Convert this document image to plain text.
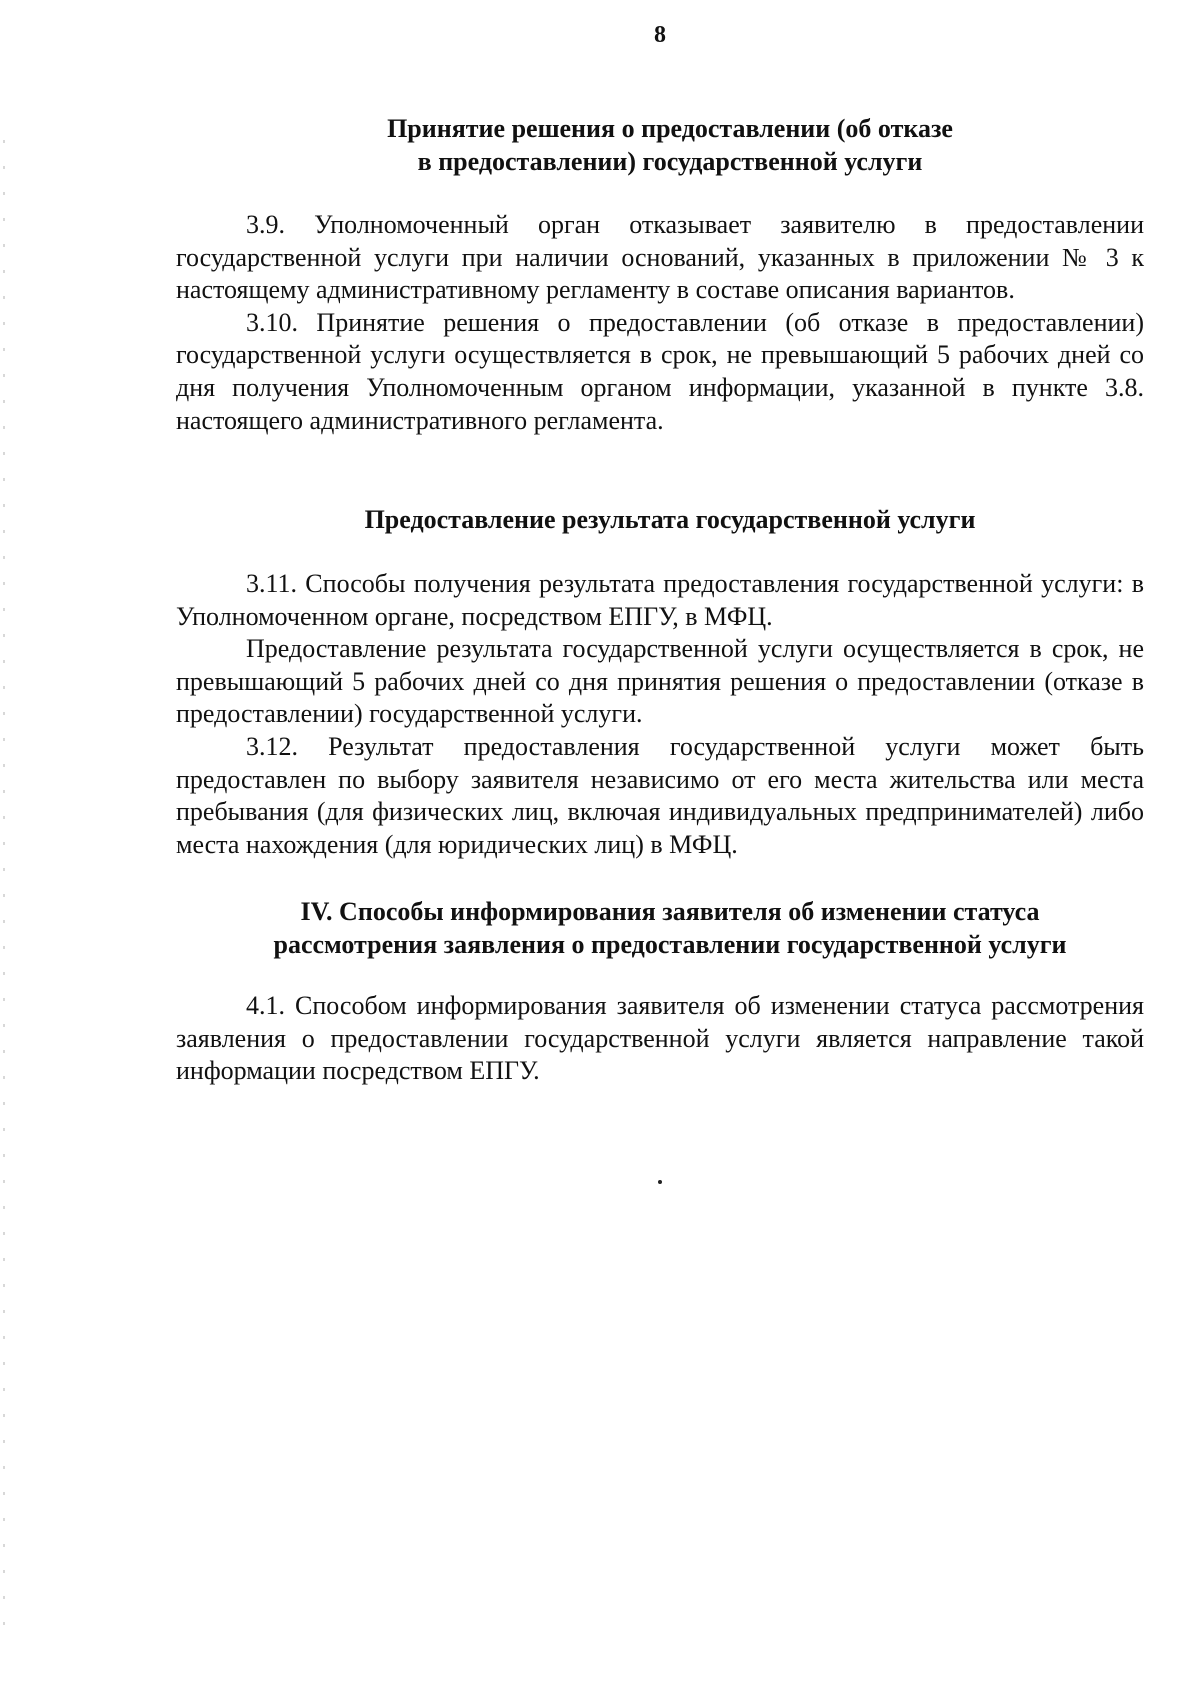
8
Принятие решения о предоставлении (об отказе
в предоставлении) государственной услуги

3.9. Уполномоченный орган отказывает заявителю в предоставлении государственной услуги при наличии оснований, указанных в приложении № 3 к настоящему административному регламенту в составе описания вариантов.

3.10. Принятие решения о предоставлении (об отказе в предоставлении) государственной услуги осуществляется в срок, не превышающий 5 рабочих дней со дня получения Уполномоченным органом информации, указанной в пункте 3.8. настоящего административного регламента.

Предоставление результата государственной услуги

3.11. Способы получения результата предоставления государственной услуги: в Уполномоченном органе, посредством ЕПГУ, в МФЦ.

Предоставление результата государственной услуги осуществляется в срок, не превышающий 5 рабочих дней со дня принятия решения о предоставлении (отказе в предоставлении) государственной услуги.

3.12. Результат предоставления государственной услуги может быть предоставлен по выбору заявителя независимо от его места жительства или места пребывания (для физических лиц, включая индивидуальных предпринимателей) либо места нахождения (для юридических лиц) в МФЦ.

IV. Способы информирования заявителя об изменении статуса
рассмотрения заявления о предоставлении государственной услуги

4.1. Способом информирования заявителя об изменении статуса рассмотрения заявления о предоставлении государственной услуги является направление такой информации посредством ЕПГУ.
